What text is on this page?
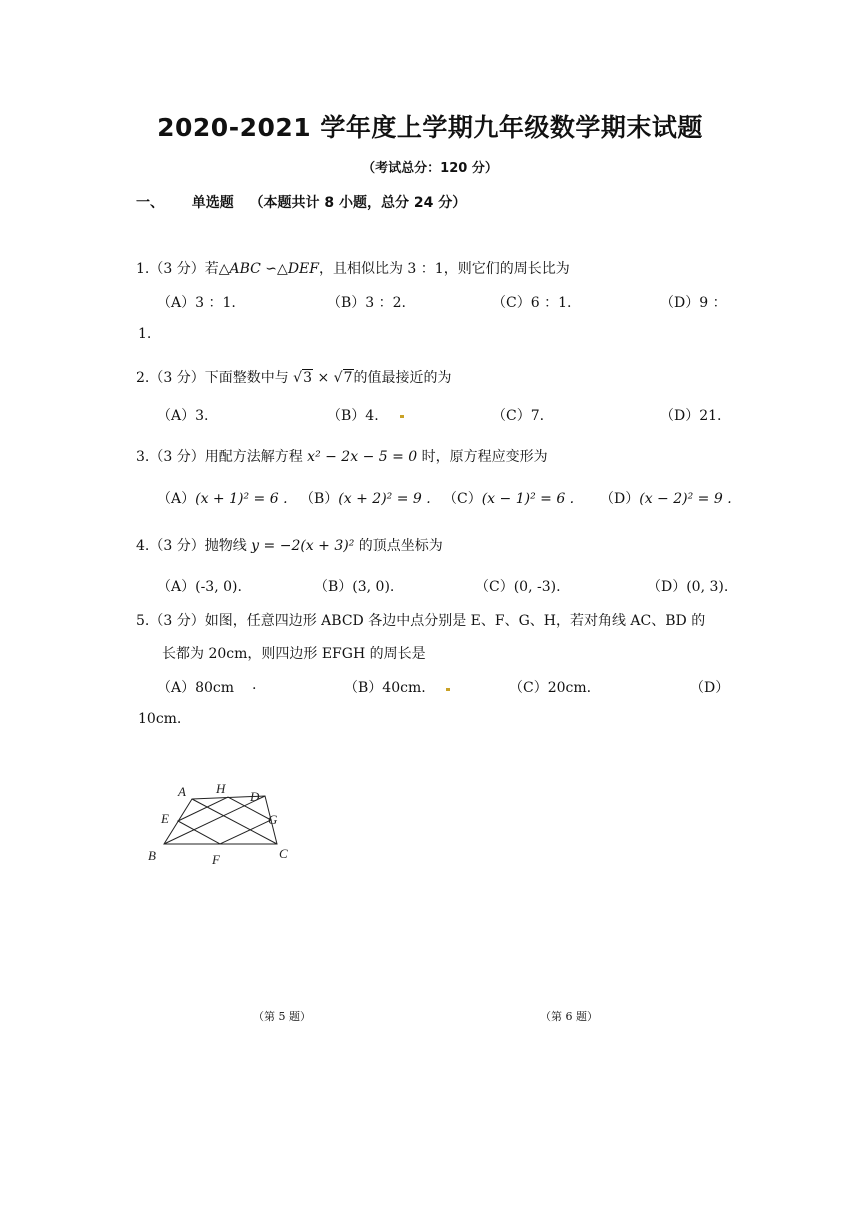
2020-2021 学年度上学期九年级数学期末试题
（考试总分：120 分）
一、 单选题 （本题共计 8 小题，总分 24 分）
1.（3 分）若△ABC ∽△DEF，且相似比为 3 ：1，则它们的周长比为
（A）3 ：1.	（B）3 ：2.	（C）6 ：1.	（D）9 ：
1.
2.（3 分）下面整数中与 √3 × √7的值最接近的为
（A）3.	（B）4.	（C）7.	（D）21.
3.（3 分）用配方法解方程 x² − 2x − 5 = 0 时，原方程应变形为
（A）(x + 1)² = 6 . （B）(x + 2)² = 9 . （C）(x − 1)² = 6 . （D）(x − 2)² = 9 .
4.（3 分）抛物线 y = −2(x + 3)² 的顶点坐标为
（A）(-3, 0).	（B）(3, 0).	（C）(0, -3).	（D）(0, 3).
5.（3 分）如图，任意四边形 ABCD 各边中点分别是 E、F、G、H，若对角线 AC、BD 的
长都为 20cm，则四边形 EFGH 的周长是
（A）80cm .	（B）40cm.	（C）20cm.	（D）
10cm.
A H
D
E	G
B	F	C
（第 5 题）	（第 6 题）
